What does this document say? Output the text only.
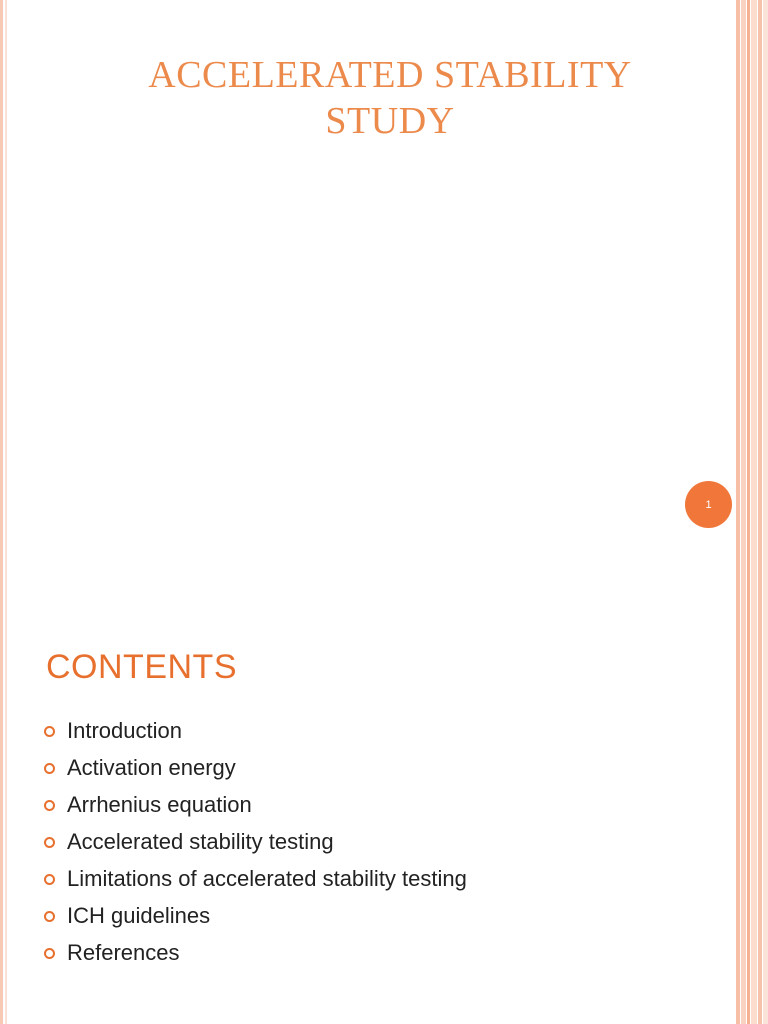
ACCELERATED STABILITY
STUDY
1
CONTENTS
Introduction
Activation energy
Arrhenius equation
Accelerated stability testing
Limitations of accelerated stability testing
ICH guidelines
References
